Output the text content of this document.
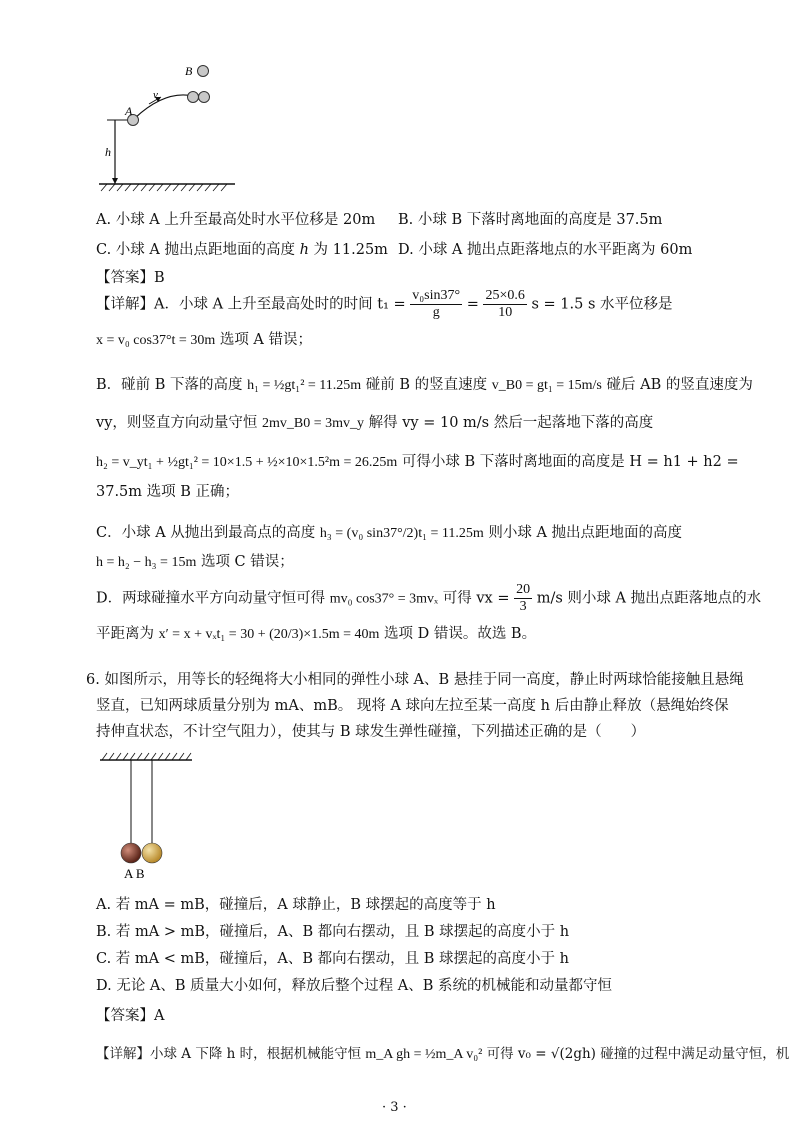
B
A
v
h
A. 小球 A 上升至最高处时水平位移是 20m B. 小球 B 下落时离地面的高度是 37.5m
C. 小球 A 抛出点距地面的高度 h 为 11.25m D. 小球 A 抛出点距落地点的水平距离为 60m
【答案】B
【详解】A．小球 A 上升至最高处时的时间 $t_1 = \frac{\text{v₀sin37°}}{g} = \frac{25\times 0.6}{10}$ s = 1.5 s 水平位移是
x = v₀ cos37°t = 30m 选项 A 错误；
B．碰前 B 下落的高度 h₁ = ½gt₁² = 11.25m 碰前 B 的竖直速度 v_B0 = gt₁ = 15m/s 碰后 AB 的竖直速度为
vy，则竖直方向动量守恒 2mv_B0 = 3mv_y 解得 vy = 10 m/s 然后一起落地下落的高度
h₂ = v_yt₁ + ½gt₁² = 10×1.5 + ½×10×1.5²m = 26.25m 可得小球 B 下落时离地面的高度是 H = h1 + h2 =
37.5m 选项 B 正确；
C．小球 A 从抛出到最高点的高度 h₃ = (v₀ sin37°/2)t₁ = 11.25m 则小球 A 抛出点距地面的高度
h = h₂ − h₃ = 15m 选项 C 错误；
D．两球碰撞水平方向动量守恒可得 mv₀ cos37° = 3mvₓ 可得 vx = $\frac{20}{3} m/s$ 则小球 A 抛出点距落地点的水
平距离为 x′ = x + vₓt₁ = 30 + (20/3)×1.5m = 40m 选项 D 错误。故选 B。
6. 如图所示，用等长的轻绳将大小相同的弹性小球 A、B 悬挂于同一高度，静止时两球恰能接触且悬绳
竖直，已知两球质量分别为 mA、mB。 现将 A 球向左拉至某一高度 h 后由静止释放（悬绳始终保
持伸直状态，不计空气阻力），使其与 B 球发生弹性碰撞，下列描述正确的是（　　）
A B
A. 若 mA = mB，碰撞后，A 球静止，B 球摆起的高度等于 h
B. 若 mA > mB，碰撞后，A、B 都向右摆动，且 B 球摆起的高度小于 h
C. 若 mA < mB，碰撞后，A、B 都向右摆动，且 B 球摆起的高度小于 h
D. 无论 A、B 质量大小如何，释放后整个过程 A、B 系统的机械能和动量都守恒
【答案】A
【详解】小球 A 下降 h 时，根据机械能守恒 m_A gh = ½m_A v₀² 可得 v₀ = √(2gh) 碰撞的过程中满足动量守恒，机
· 3 ·
